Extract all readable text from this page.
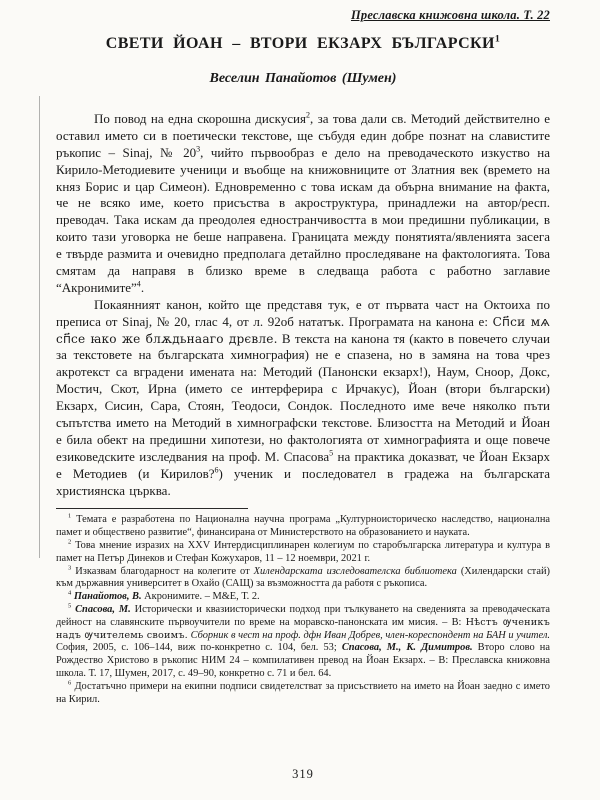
Преславска книжовна школа. Т. 22
СВЕТИ ЙОАН – ВТОРИ ЕКЗАРХ БЪЛГАРСКИ$^1$
Веселин Панайотов (Шумен)

По повод на една скорошна дискусия$^2$, за това дали св. Методий действително е оставил името си в поетически текстове, ще събудя един добре познат на славистите ръкопис – Sinaj, № $20^3$, чийто първообраз е дело на преводаческото изкуство на Кирило-Методиевите ученици и въобще на книжовниците от Златния век (времето на княз Борис и цар Симеон). Едновременно с това искам да обърна внимание на факта, че не всяко име, което присъства в акроструктура, принадлежи на автор/респ. преводач. Така искам да преодолея едностранчивостта в мои предишни публикации, в които тази уговорка не беше направена. Границата между понятията/явленията засега е твърде размита и очевидно предполага детайлно проследяване на фактологията. Това смятам да направя в близко време в следваща работа с работно заглавие “Акронимите”$^4$.

Покаянният канон, който ще представя тук, е от първата част на Октоиха по преписа от Sinaj, № 20, глас 4, от л. 92об нататък. Програмата на канона е: Сп҃си мѧ сп҃се ꙗко же блѫдьнааго дрєвле. В текста на канона тя (както в повечето случаи за текстовете на българската химнография) не е спазена, но в замяна на това чрез акротекст са вградени имената на: Методий (Панонски екзарх!), Наум, Сноор, Докс, Мостич, Скот, Ирна (името се интерферира с Ирчакус), Йоан (втори български) Екзарх, Сисин, Сара, Стоян, Теодоси, Сондок. Последното име вече няколко пъти съпътства името на Методий в химнографски текстове. Близостта на Методий и Йоан е била обект на предишни хипотези, но фактологията от химнографията и още повече езиковедските изследвания на проф. М. Спасова$^5$ на практика доказват, че Йоан Екзарх е Методиев (и Кирилов?$^6$) ученик и последовател в градежа на българската християнска църква.

$^1$ Темата е разработена по Национална научна програма „Културноисторическо наследство, национална памет и обществено развитие“, финансирана от Министерството на образованието и науката.

$^2$ Това мнение изразих на XXV Интердисциплинарен колегиум по старобългарска литература и култура в памет на Петър Динеков и Стефан Кожухаров, 11 – 12 ноември, 2021 г.

$^3$ Изказвам благодарност на колегите от Хилендарската изследователска библиотека (Хилендарски стай) към държавния университет в Охайо (САЩ) за възможността да работя с ръкописа.

$^4$ Панайотов, В. Акронимите. – М&Е, Т. 2.

$^5$ Спасова, М. Исторически и квазиисторически подход при тълкуването на сведенията за преводаческата дейност на славянските първоучители по време на моравско-панонската им мисия. – В: Нѣстъ ѹченикъ надъ ѹчителемь своимъ. Сборник в чест на проф. дфн Иван Добрев, член-кореспондент на БАН и учител. София, 2005, с. 106–144, виж по-конкретно с. 104, бел. 53; Спасова, М., К. Димитров. Второ слово на Рождество Христово в ръкопис НИМ 24 – компилативен превод на Йоан Екзарх. – В: Преславска книжовна школа. Т. 17, Шумен, 2017, с. 49–90, конкретно с. 71 и бел. 64.

$^6$ Достатъчно примери на екипни подписи свидетелстват за присъствието на името на Йоан заедно с името на Кирил.

319
